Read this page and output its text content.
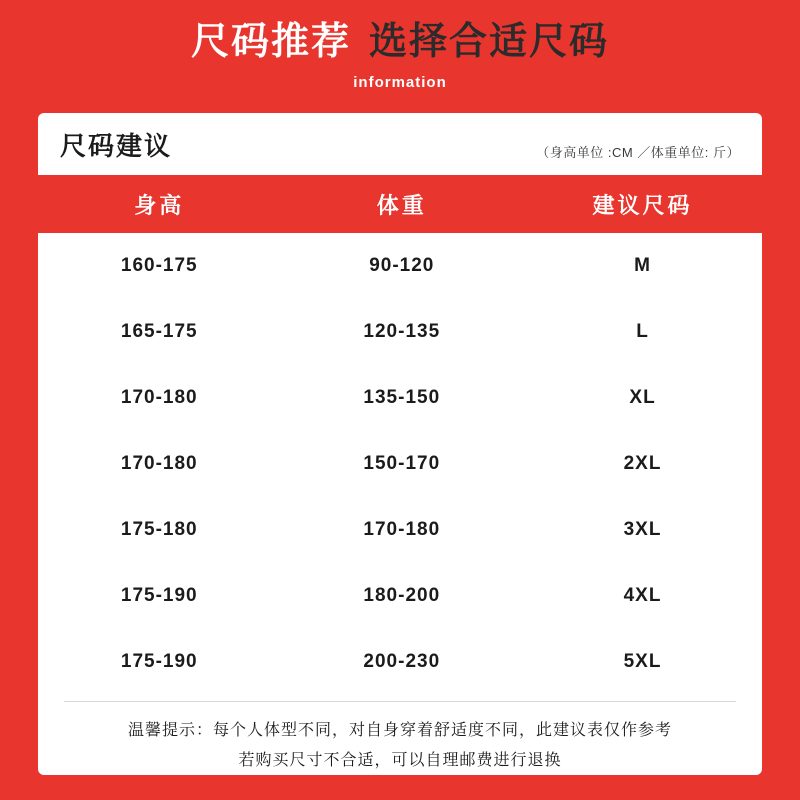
尺码推荐 选择合适尺码
information
尺码建议	（身高单位 :CM ／体重单位: 斤）
身高	体重	建议尺码
160-175	90-120	M
165-175	120-135	L
170-180	135-150	XL
170-180	150-170	2XL
175-180	170-180	3XL
175-190	180-200	4XL
175-190	200-230	5XL
温馨提示：每个人体型不同，对自身穿着舒适度不同，此建议表仅作参考
若购买尺寸不合适，可以自理邮费进行退换
